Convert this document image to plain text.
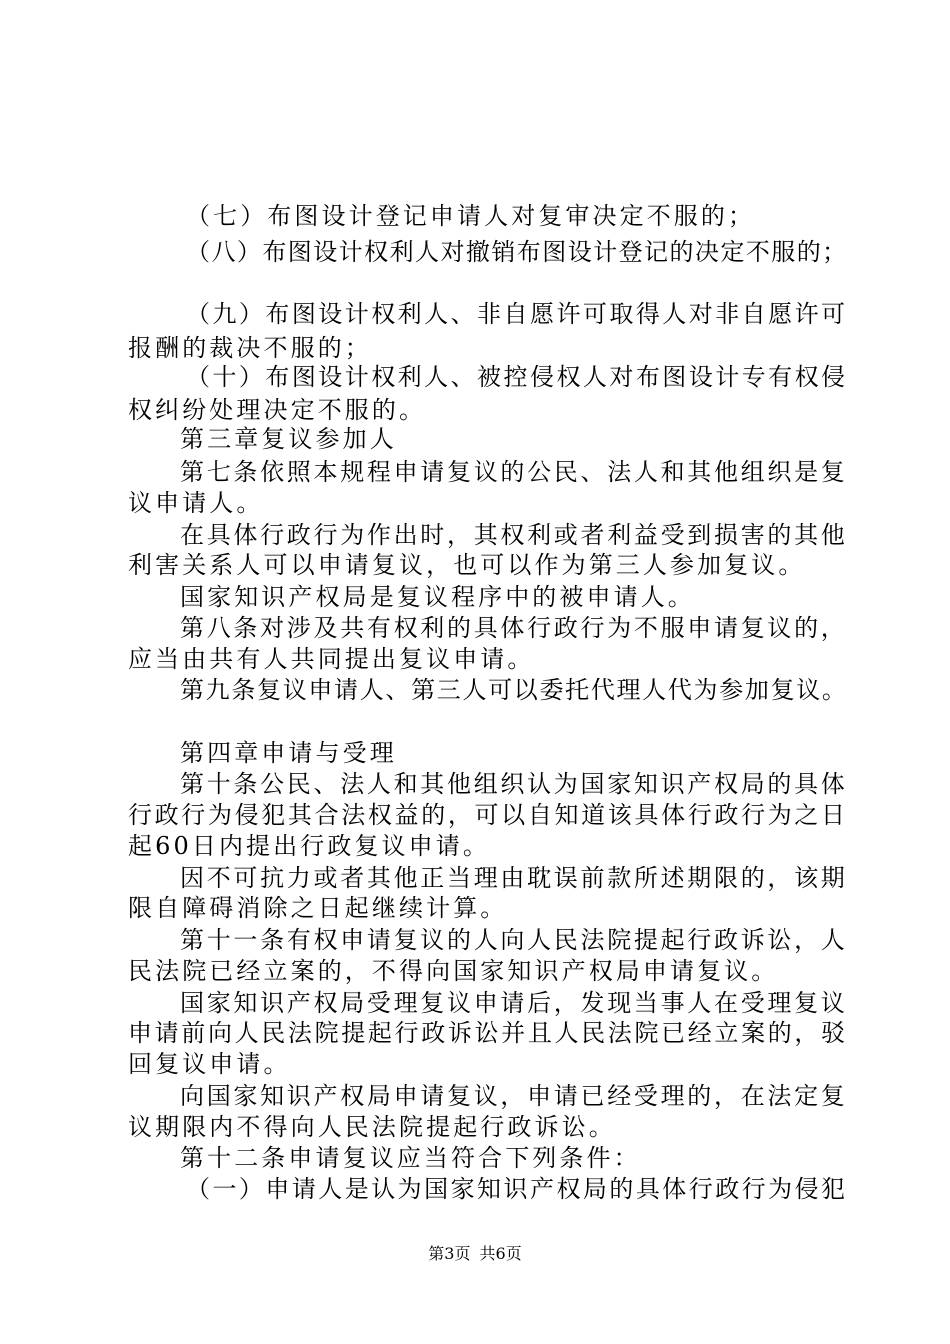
（七）布图设计登记申请人对复审决定不服的；
（八）布图设计权利人对撤销布图设计登记的决定不服的；
（九）布图设计权利人、非自愿许可取得人对非自愿许可
报酬的裁决不服的；
（十）布图设计权利人、被控侵权人对布图设计专有权侵
权纠纷处理决定不服的。
第三章复议参加人
第七条依照本规程申请复议的公民、法人和其他组织是复
议申请人。
在具体行政行为作出时，其权利或者利益受到损害的其他
利害关系人可以申请复议，也可以作为第三人参加复议。
国家知识产权局是复议程序中的被申请人。
第八条对涉及共有权利的具体行政行为不服申请复议的，
应当由共有人共同提出复议申请。
第九条复议申请人、第三人可以委托代理人代为参加复议。
第四章申请与受理
第十条公民、法人和其他组织认为国家知识产权局的具体
行政行为侵犯其合法权益的，可以自知道该具体行政行为之日
起60日内提出行政复议申请。
因不可抗力或者其他正当理由耽误前款所述期限的，该期
限自障碍消除之日起继续计算。
第十一条有权申请复议的人向人民法院提起行政诉讼，人
民法院已经立案的，不得向国家知识产权局申请复议。
国家知识产权局受理复议申请后，发现当事人在受理复议
申请前向人民法院提起行政诉讼并且人民法院已经立案的，驳
回复议申请。
向国家知识产权局申请复议，申请已经受理的，在法定复
议期限内不得向人民法院提起行政诉讼。
第十二条申请复议应当符合下列条件：
（一）申请人是认为国家知识产权局的具体行政行为侵犯
第3页 共6页
